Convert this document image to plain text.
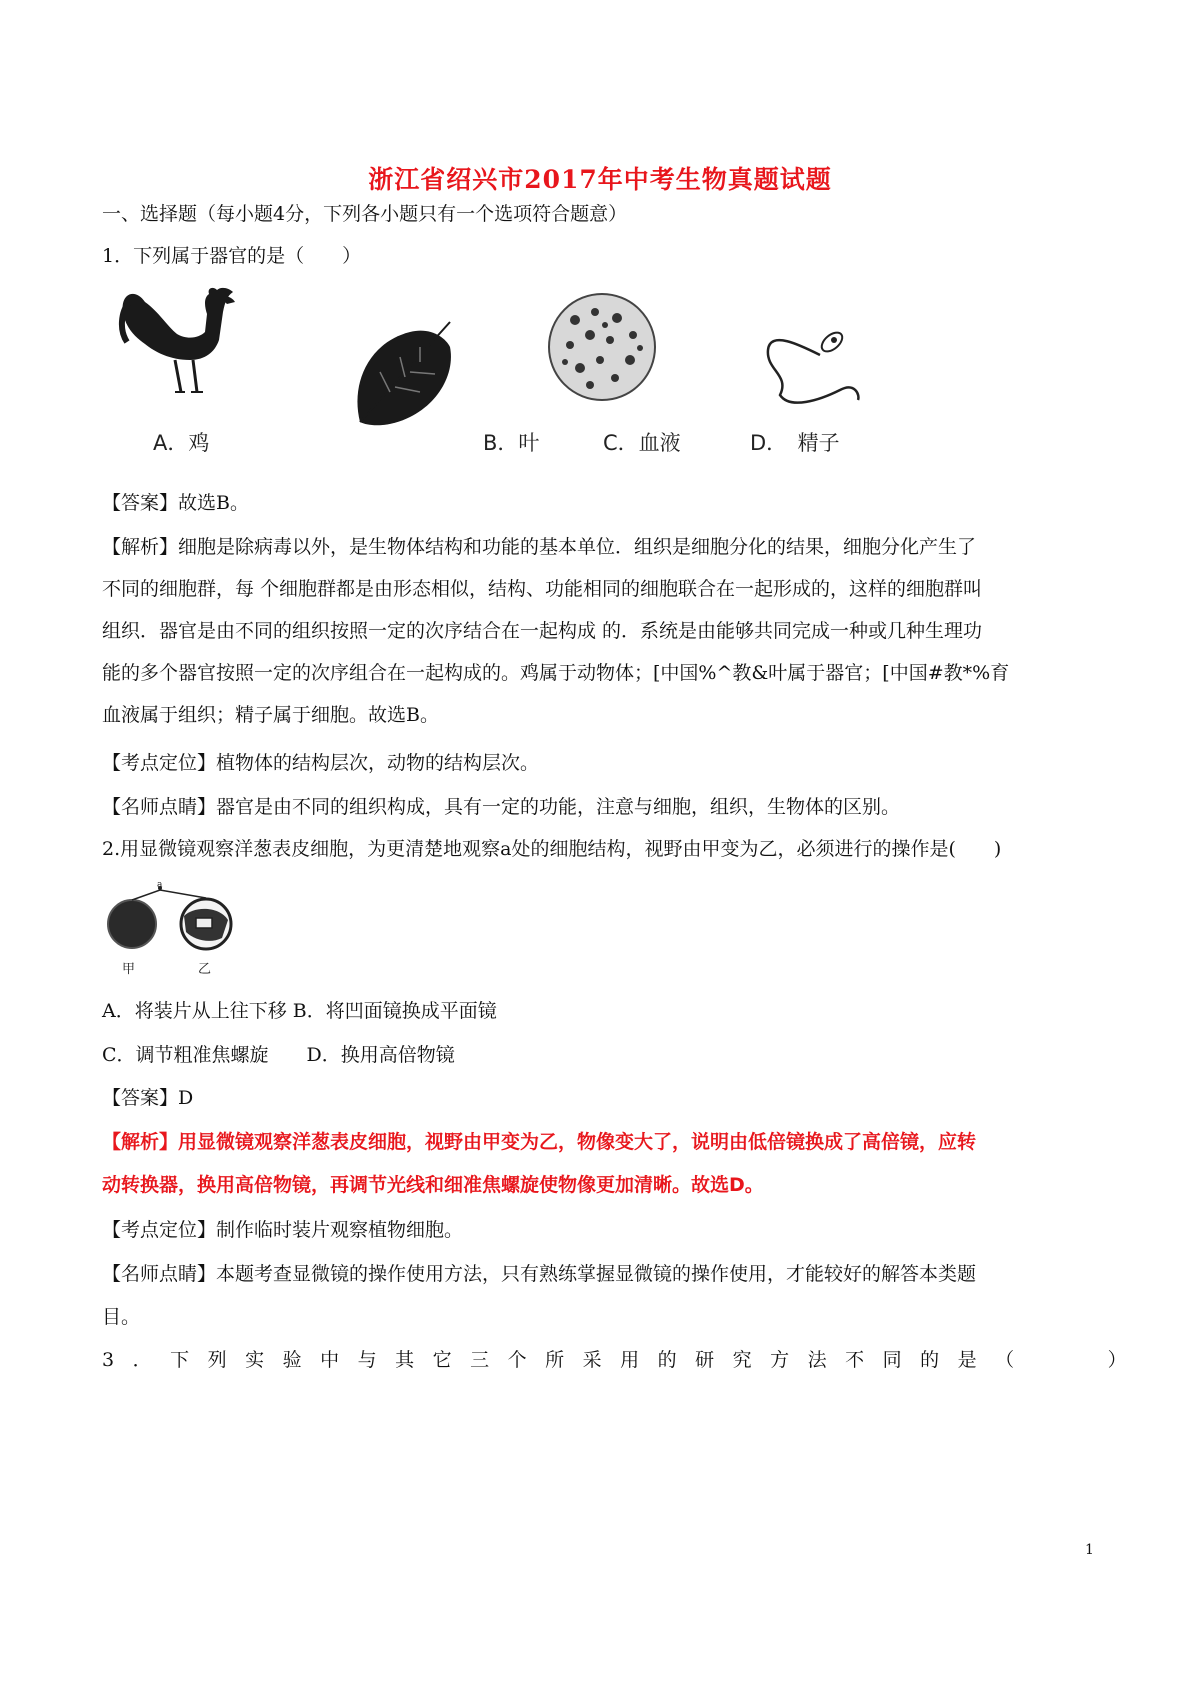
浙江省绍兴市2017年中考生物真题试题
一、选择题（每小题4分，下列各小题只有一个选项符合题意）
1．下列属于器官的是（　　）
A．鸡	B．叶	C．血液	D．　精子
【答案】故选B。
【解析】细胞是除病毒以外，是生物体结构和功能的基本单位．组织是细胞分化的结果，细胞分化产生了
不同的细胞群，每 个细胞群都是由形态相似，结构、功能相同的细胞联合在一起形成的，这样的细胞群叫
组织．器官是由不同的组织按照一定的次序结合在一起构成 的．系统是由能够共同完成一种或几种生理功
能的多个器官按照一定的次序组合在一起构成的。鸡属于动物体；[中国%^教&叶属于器官；[中国#教*%育
血液属于组织；精子属于细胞。故选B。
【考点定位】植物体的结构层次，动物的结构层次。
【名师点睛】器官是由不同的组织构成，具有一定的功能，注意与细胞，组织，生物体的区别。
2.用显微镜观察洋葱表皮细胞，为更清楚地观察a处的细胞结构，视野由甲变为乙，必须进行的操作是(　　)
a
甲	乙
A．将装片从上往下移 B．将凹面镜换成平面镜
C．调节粗准焦螺旋　　D．换用高倍物镜
【答案】D
【解析】用显微镜观察洋葱表皮细胞，视野由甲变为乙，物像变大了，说明由低倍镜换成了高倍镜，应转
动转换器，换用高倍物镜，再调节光线和细准焦螺旋使物像更加清晰。故选D。
【考点定位】制作临时装片观察植物细胞。
【名师点睛】本题考查显微镜的操作使用方法，只有熟练掌握显微镜的操作使用，才能较好的解答本类题
目。
3．下列实验中与其它三个所采用的研究方法不同的是（　　）
1
